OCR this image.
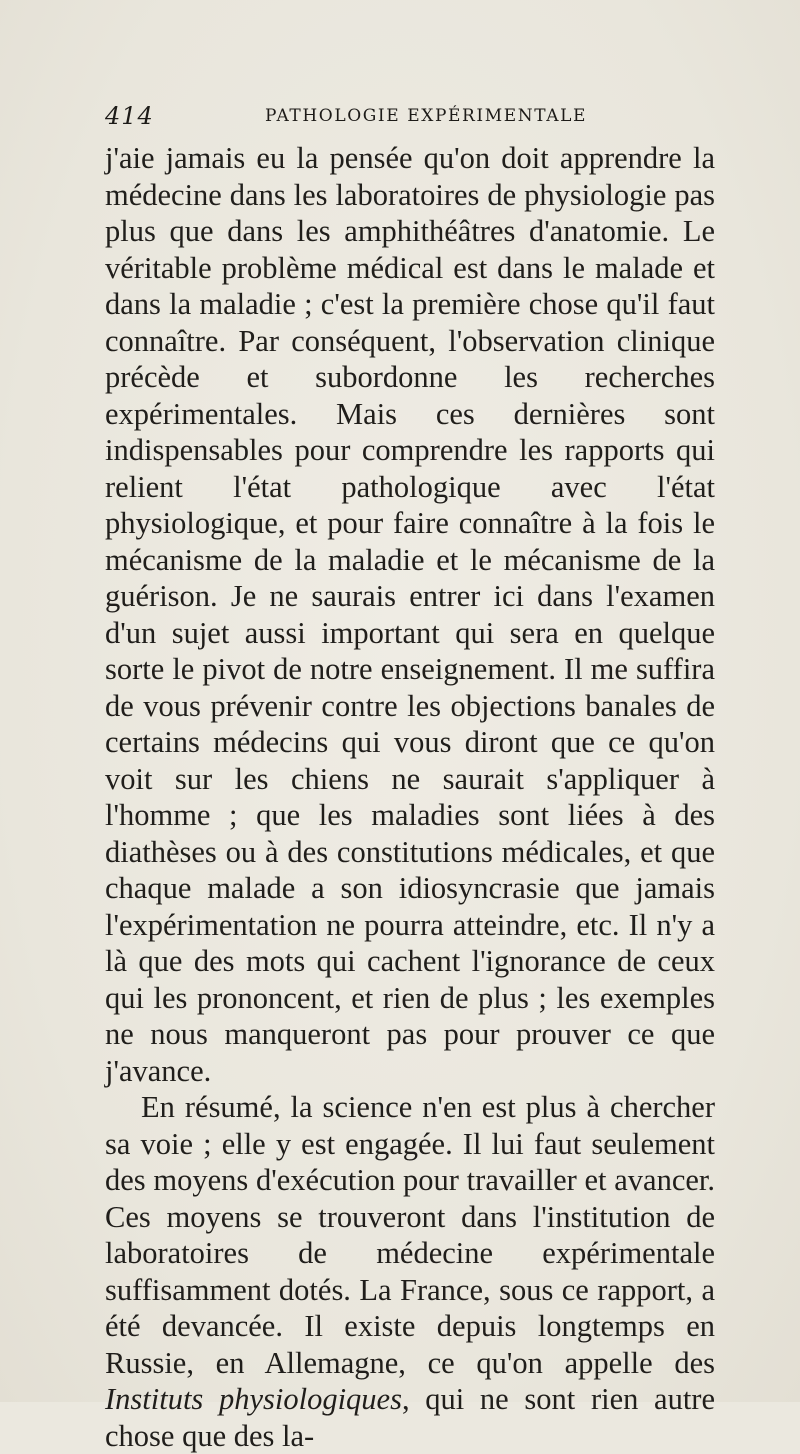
414	PATHOLOGIE EXPÉRIMENTALE

j'aie jamais eu la pensée qu'on doit apprendre la médecine dans les laboratoires de physiologie pas plus que dans les amphithéâtres d'anatomie. Le véritable problème médical est dans le malade et dans la maladie ; c'est la première chose qu'il faut connaître. Par conséquent, l'observation clinique précède et subordonne les recherches expérimentales. Mais ces dernières sont indispensables pour comprendre les rapports qui relient l'état pathologique avec l'état physiologique, et pour faire connaître à la fois le mécanisme de la maladie et le mécanisme de la guérison. Je ne saurais entrer ici dans l'examen d'un sujet aussi important qui sera en quelque sorte le pivot de notre enseignement. Il me suffira de vous prévenir contre les objections banales de certains médecins qui vous diront que ce qu'on voit sur les chiens ne saurait s'appliquer à l'homme ; que les maladies sont liées à des diathèses ou à des constitutions médicales, et que chaque malade a son idiosyncrasie que jamais l'expérimentation ne pourra atteindre, etc. Il n'y a là que des mots qui cachent l'ignorance de ceux qui les prononcent, et rien de plus ; les exemples ne nous manqueront pas pour prouver ce que j'avance.

En résumé, la science n'en est plus à chercher sa voie ; elle y est engagée. Il lui faut seulement des moyens d'exécution pour travailler et avancer. Ces moyens se trouveront dans l'institution de laboratoires de médecine expérimentale suffisamment dotés. La France, sous ce rapport, a été devancée. Il existe depuis longtemps en Russie, en Allemagne, ce qu'on appelle des Instituts physiologiques, qui ne sont rien autre chose que des la-
